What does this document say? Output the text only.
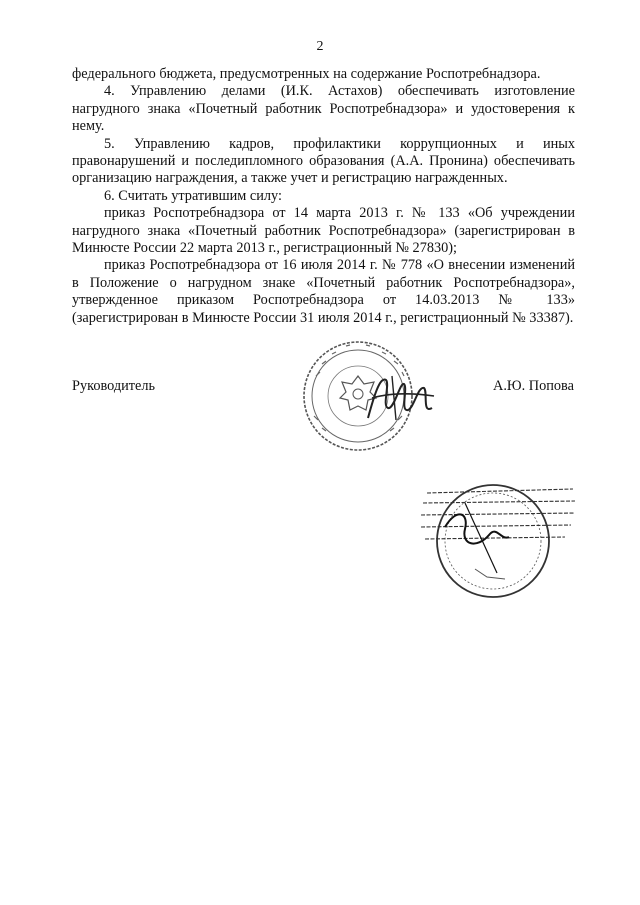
2

федерального бюджета, предусмотренных на содержание Роспотребнадзора.

4. Управлению делами (И.К. Астахов) обеспечивать изготовление нагрудного знака «Почетный работник Роспотребнадзора» и удостоверения к нему.

5. Управлению кадров, профилактики коррупционных и иных правонарушений и последипломного образования (А.А. Пронина) обеспечивать организацию награждения, а также учет и регистрацию награжденных.

6. Считать утратившим силу:

приказ Роспотребнадзора от 14 марта 2013 г. № 133 «Об учреждении нагрудного знака «Почетный работник Роспотребнадзора» (зарегистрирован в Минюсте России 22 марта 2013 г., регистрационный № 27830);

приказ Роспотребнадзора от 16 июля 2014 г. № 778 «О внесении изменений в Положение о нагрудном знаке «Почетный работник Роспотребнадзора», утвержденное приказом Роспотребнадзора от 14.03.2013 № 133» (зарегистрирован в Минюсте России 31 июля 2014 г., регистрационный № 33387).

Руководитель	А.Ю. Попова
